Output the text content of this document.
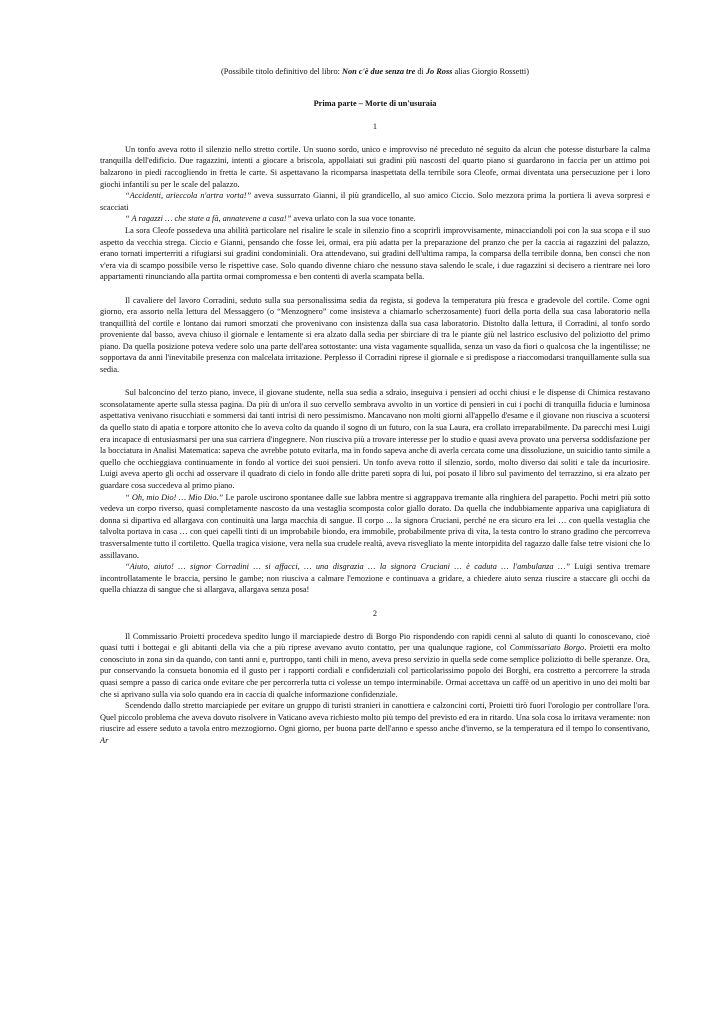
(Possibile titolo definitivo del libro: Non c'è due senza tre di Jo Ross alias Giorgio Rossetti)
Prima parte – Morte di un'usuraia
1

Un tonfo aveva rotto il silenzio nello stretto cortile. Un suono sordo, unico e improvviso né preceduto né seguito da alcun che potesse disturbare la calma tranquilla dell'edificio. Due ragazzini, intenti a giocare a briscola, appollaiati sui gradini più nascosti del quarto piano si guardarono in faccia per un attimo poi balzarono in piedi raccogliendo in fretta le carte. Si aspettavano la ricomparsa inaspettata della terribile sora Cleofe, ormai diventata una persecuzione per i loro giochi infantili su per le scale del palazzo.

“Accidenti, arieccola n'artra vorta!” aveva sussurrato Gianni, il più grandicello, al suo amico Ciccio. Solo mezzora prima la portiera li aveva sorpresi e scacciati

“ A ragazzi … che state a fà, annatevene a casa!” aveva urlato con la sua voce tonante.

La sora Cleofe possedeva una abilità particolare nel risalire le scale in silenzio fino a scoprirli improvvisamente, minacciandoli poi con la sua scopa e il suo aspetto da vecchia strega. Ciccio e Gianni, pensando che fosse lei, ormai, era più adatta per la preparazione del pranzo che per la caccia ai ragazzini del palazzo, erano tornati imperterriti a rifugiarsi sui gradini condominiali. Ora attendevano, sui gradini dell'ultima rampa, la comparsa della terribile donna, ben consci che non v'era via di scampo possibile verso le rispettive case. Solo quando divenne chiaro che nessuno stava salendo le scale, i due ragazzini si decisero a rientrare nei loro appartamenti rinunciando alla partita ormai compromessa e ben contenti di averla scampata bella.

Il cavaliere del lavoro Corradini, seduto sulla sua personalissima sedia da regista, si godeva la temperatura più fresca e gradevole del cortile. Come ogni giorno, era assorto nella lettura del Messaggero (o “Menzognero” come insisteva a chiamarlo scherzosamente) fuori della porta della sua casa laboratorio nella tranquillità del cortile e lontano dai rumori smorzati che provenivano con insistenza dalla sua casa laboratorio. Distolto dalla lettura, il Corradini, al tonfo sordo proveniente dal basso, aveva chiuso il giornale e lentamente si era alzato dalla sedia per sbirciare di tra le piante giù nel lastrico esclusivo del poliziotto del primo piano. Da quella posizione poteva vedere solo una parte dell'area sottostante: una vista vagamente squallida, senza un vaso da fiori o qualcosa che la ingentilisse; ne sopportava da anni l'inevitabile presenza con malcelata irritazione. Perplesso il Corradini riprese il giornale e si predispose a riaccomodarsi tranquillamente sulla sua sedia.

Sul balconcino del terzo piano, invece, il giovane studente, nella sua sedia a sdraio, inseguiva i pensieri ad occhi chiusi e le dispense di Chimica restavano sconsolatamente aperte sulla stessa pagina. Da più di un'ora il suo cervello sembrava avvolto in un vortice di pensieri in cui i pochi di tranquilla fiducia e luminosa aspettativa venivano risucchiati e sommersi dai tanti intrisi di nero pessimismo. Mancavano non molti giorni all'appello d'esame e il giovane non riusciva a scuotersi da quello stato di apatia e torpore attonito che lo aveva colto da quando il sogno di un futuro, con la sua Laura, era crollato irreparabilmente. Da parecchi mesi Luigi era incapace di entusiasmarsi per una sua carriera d'ingegnere. Non riusciva più a trovare interesse per lo studio e quasi aveva provato una perversa soddisfazione per la bocciatura in Analisi Matematica: sapeva che avrebbe potuto evitarla, ma in fondo sapeva anche di averla cercata come una dissoluzione, un suicidio tanto simile a quello che occhieggiava continuamente in fondo al vortice dei suoi pensieri. Un tonfo aveva rotto il silenzio, sordo, molto diverso dai soliti e tale da incuriosire. Luigi aveva aperto gli occhi ad osservare il quadrato di cielo in fondo alle dritte pareti sopra di lui, poi posato il libro sul pavimento del terrazzino, si era alzato per guardare cosa succedeva al primo piano.

“ Oh, mio Dio! … Mio Dio.” Le parole uscirono spontanee dalle sue labbra mentre si aggrappava tremante alla ringhiera del parapetto. Pochi metri più sotto vedeva un corpo riverso, quasi completamente nascosto da una vestaglia scomposta color giallo dorato. Da quella che indubbiamente appariva una capigliatura di donna si dipartiva ed allargava con continuità una larga macchia di sangue. Il corpo ... la signora Cruciani, perché ne era sicuro era lei … con quella vestaglia che talvolta portava in casa … con quei capelli tinti di un improbabile biondo, era immobile, probabilmente priva di vita, la testa contro lo strano gradino che percorreva trasversalmente tutto il cortiletto. Quella tragica visione, vera nella sua crudele realtà, aveva risvegliato la mente intorpidita del ragazzo dalle false tetre visioni che lo assillavano.

“Aiuto, aiuto! … signor Corradini … si affacci, … una disgrazia … la signora Cruciani … è caduta … l'ambulanza …” Luigi sentiva tremare incontrollatamente le braccia, persino le gambe; non riusciva a calmare l'emozione e continuava a gridare, a chiedere aiuto senza riuscire a staccare gli occhi da quella chiazza di sangue che si allargava, allargava senza posa!

2

Il Commissario Proietti procedeva spedito lungo il marciapiede destro di Borgo Pio rispondendo con rapidi cenni al saluto di quanti lo conoscevano, cioè quasi tutti i bottegai e gli abitanti della via che a più riprese avevano avuto contatto, per una qualunque ragione, col Commissariato Borgo. Proietti era molto conosciuto in zona sin da quando, con tanti anni e, purtroppo, tanti chili in meno, aveva preso servizio in quella sede come semplice poliziotto di belle speranze. Ora, pur conservando la consueta bonomia ed il gusto per i rapporti cordiali e confidenziali col particolarissimo popolo dei Borghi, era costretto a percorrere la strada quasi sempre a passo di carica onde evitare che per percorrerla tutta ci volesse un tempo interminabile. Ormai accettava un caffè od un aperitivo in uno dei molti bar che si aprivano sulla via solo quando era in caccia di qualche informazione confidenziale.

Scendendo dallo stretto marciapiede per evitare un gruppo di turisti stranieri in canottiera e calzoncini corti, Proietti tirò fuori l'orologio per controllare l'ora. Quel piccolo problema che aveva dovuto risolvere in Vaticano aveva richiesto molto più tempo del previsto ed era in ritardo. Una sola cosa lo irritava veramente: non riuscire ad essere seduto a tavola entro mezzogiorno. Ogni giorno, per buona parte dell'anno e spesso anche d'inverno, se la temperatura ed il tempo lo consentivano, Ar
